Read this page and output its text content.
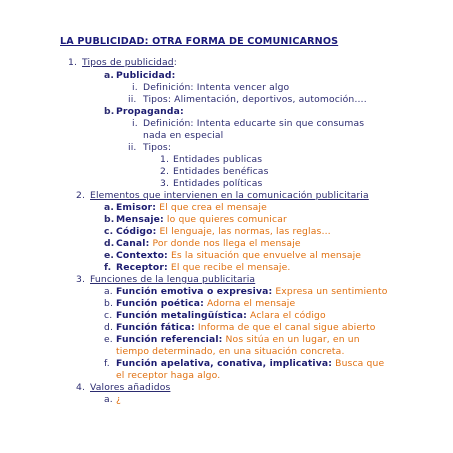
LA PUBLICIDAD: OTRA FORMA DE COMUNICARNOS
1. Tipos de publicidad:
a. Publicidad:
i. Definición: Intenta vencer algo
ii. Tipos: Alimentación, deportivos, automoción….
b. Propaganda:
i. Definición: Intenta educarte sin que consumas
nada en especial
ii. Tipos:
1. Entidades publicas
2. Entidades benéficas
3. Entidades políticas
2. Elementos que intervienen en la comunicación publicitaria
a. Emisor: El que crea el mensaje
b. Mensaje: lo que quieres comunicar
c. Código: El lenguaje, las normas, las reglas…
d. Canal: Por donde nos llega el mensaje
e. Contexto: Es la situación que envuelve al mensaje
f. Receptor: El que recibe el mensaje.
3. Funciones de la lengua publicitaria
a. Función emotiva o expresiva: Expresa un sentimiento
b. Función poética: Adorna el mensaje
c. Función metalingüística: Aclara el código
d. Función fática: Informa de que el canal sigue abierto
e. Función referencial: Nos sitúa en un lugar, en un
tiempo determinado, en una situación concreta.
f. Función apelativa, conativa, implicativa: Busca que
el receptor haga algo.
4. Valores añadidos
a. ¿
